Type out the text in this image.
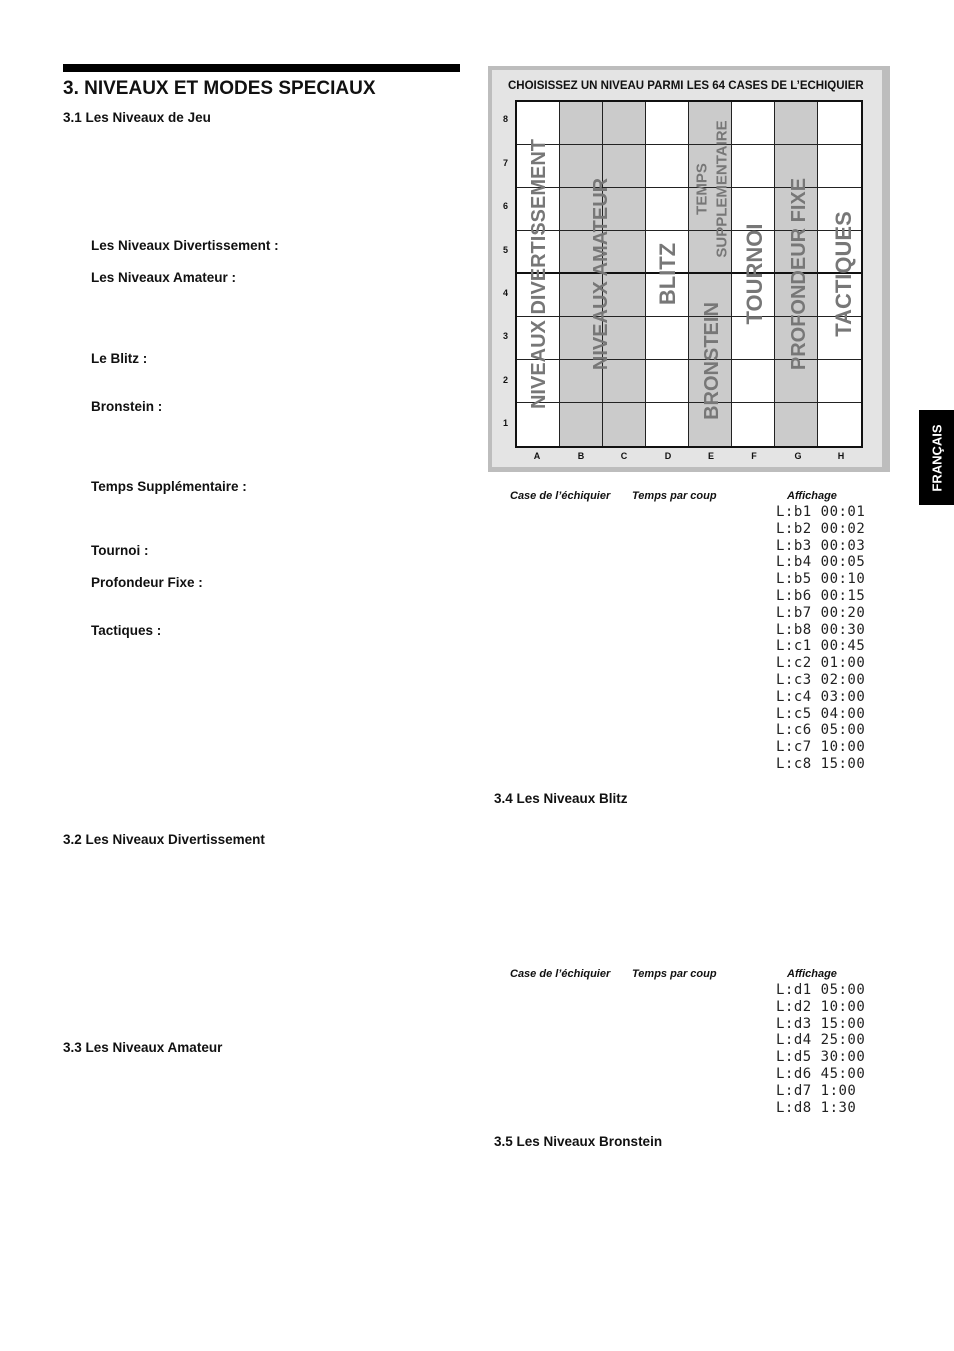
3. NIVEAUX ET MODES SPECIAUX
3.1 Les Niveaux de Jeu
Les Niveaux Divertissement :
Les Niveaux Amateur :
Le Blitz :
Bronstein :
Temps Supplémentaire :
Tournoi :
Profondeur Fixe :
Tactiques :
3.2 Les Niveaux Divertissement
3.3 Les Niveaux Amateur
FRANÇAIS
CHOISISSEZ UN NIVEAU PARMI LES 64 CASES DE L’ECHIQUIER
8
7
6
5
4
3
2
1
A	B	C	D	E	F	G	H
NIVEAUX DIVERTISSEMENT NIVEAUX AMATEUR BLITZ
TEMPS SUPPLEMENTAIRE
BRONSTEIN
TOURNOI PROFONDEUR FIXE TACTIQUES
Case de l’échiquier Temps par coup	Affichage
L:b1 00:01
L:b2 00:02
L:b3 00:03
L:b4 00:05
L:b5 00:10
L:b6 00:15
L:b7 00:20
L:b8 00:30
L:c1 00:45
L:c2 01:00
L:c3 02:00
L:c4 03:00
L:c5 04:00
L:c6 05:00
L:c7 10:00
L:c8 15:00
3.4 Les Niveaux Blitz
Case de l’échiquier Temps par coup	Affichage
L:d1 05:00
L:d2 10:00
L:d3 15:00
L:d4 25:00
L:d5 30:00
L:d6 45:00
L:d7 1:00
L:d8 1:30
3.5 Les Niveaux Bronstein
